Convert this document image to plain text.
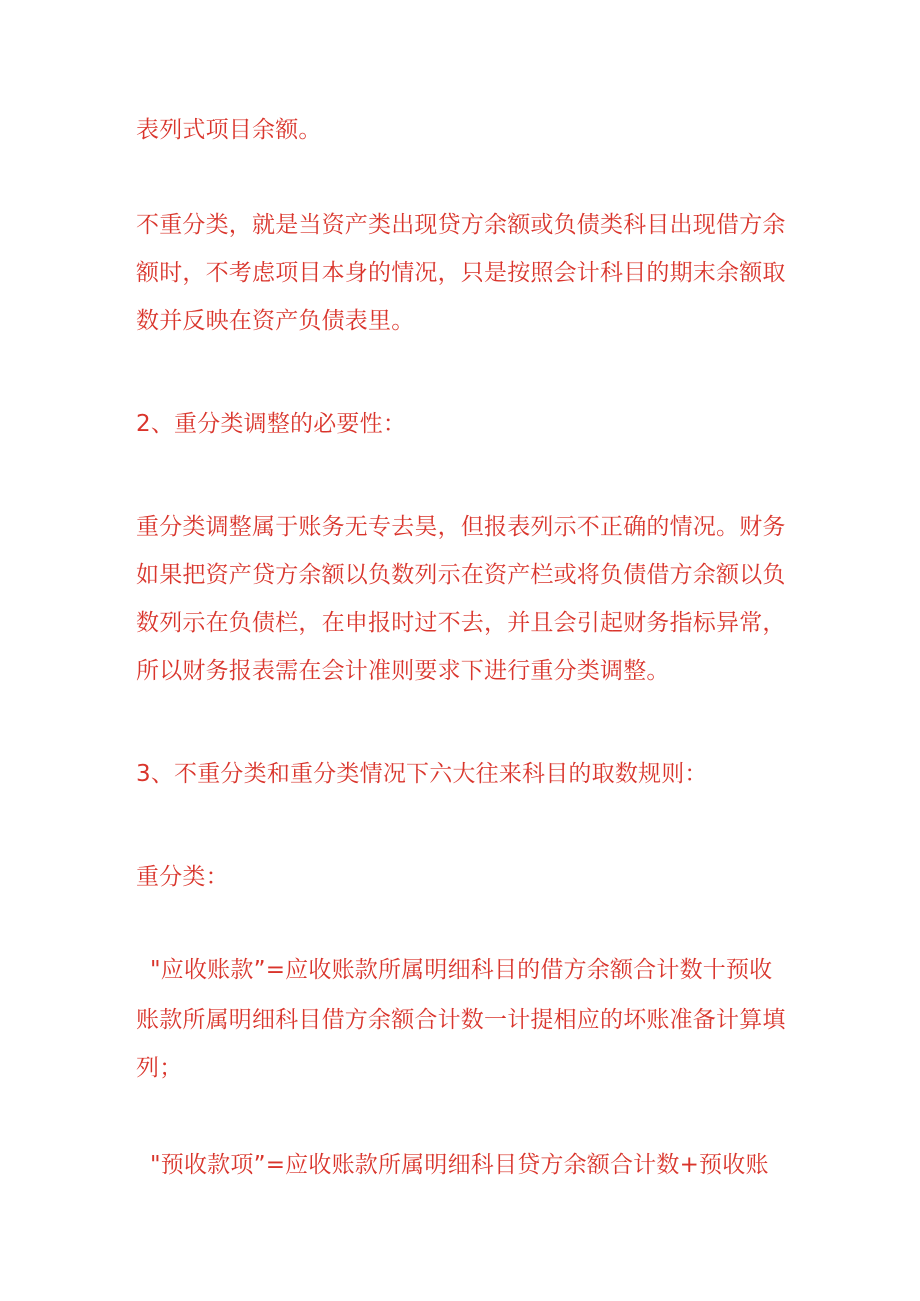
表列式项目余额。

不重分类，就是当资产类出现贷方余额或负债类科目出现借方余

额时，不考虑项目本身的情况，只是按照会计科目的期末余额取

数并反映在资产负债表里。

2、重分类调整的必要性：

重分类调整属于账务无专去昊，但报表列示不正确的情况。财务

如果把资产贷方余额以负数列示在资产栏或将负债借方余额以负

数列示在负债栏，在申报时过不去，并且会引起财务指标异常，

所以财务报表需在会计准则要求下进行重分类调整。

3、不重分类和重分类情况下六大往来科目的取数规则：

重分类：

"应收账款”=应收账款所属明细科目的借方余额合计数十预收

账款所属明细科目借方余额合计数一计提相应的坏账准备计算填

列；

"预收款项”=应收账款所属明细科目贷方余额合计数+预收账
